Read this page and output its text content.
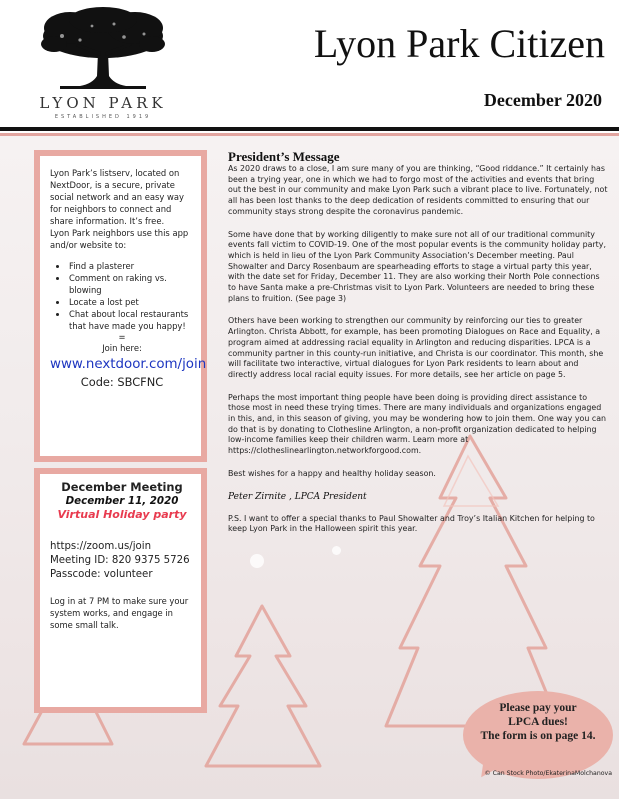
LYON PARK
ESTABLISHED 1919
Lyon Park Citizen
December 2020

Lyon Park’s listserv, located on NextDoor, is a secure, private social network and an easy way for neighbors to connect and share information. It’s free.

Lyon Park neighbors use this app and/or website to:

• Find a plasterer
• Comment on raking vs. blowing
• Locate a lost pet
• Chat about local restaurants that have made you happy!
=
Join here:
www.nextdoor.com/join
Code: SBCFNC
December Meeting
December 11, 2020
Virtual Holiday party
https://zoom.us/join
Meeting ID: 820 9375 5726
Passcode: volunteer
Log in at 7 PM to make sure your system works, and engage in some small talk.
President’s Message

As 2020 draws to a close, I am sure many of you are thinking, “Good riddance.” It certainly has been a trying year, one in which we had to forgo most of the activities and events that bring out the best in our community and make Lyon Park such a vibrant place to live. Fortunately, not all has been lost thanks to the deep dedication of residents committed to ensuring that our community stays strong despite the coronavirus pandemic.

Some have done that by working diligently to make sure not all of our traditional community events fall victim to COVID-19. One of the most popular events is the community holiday party, which is held in lieu of the Lyon Park Community Association’s December meeting. Paul Showalter and Darcy Rosenbaum are spearheading efforts to stage a virtual party this year, with the date set for Friday, December 11. They are also working their North Pole connections to have Santa make a pre-Christmas visit to Lyon Park. Volunteers are needed to bring these plans to fruition. (See page 3)

Others have been working to strengthen our community by reinforcing our ties to greater Arlington. Christa Abbott, for example, has been promoting Dialogues on Race and Equality, a program aimed at addressing racial equality in Arlington and reducing disparities. LPCA is a community partner in this county-run initiative, and Christa is our coordinator. This month, she will facilitate two interactive, virtual dialogues for Lyon Park residents to learn about and directly address local racial equity issues. For more details, see her article on page 5.

Perhaps the most important thing people have been doing is providing direct assistance to those most in need these trying times. There are many individuals and organizations engaged in this, and, in this season of giving, you may be wondering how to join them. One way you can do that is by donating to Clothesline Arlington, a non-profit organization dedicated to helping low-income families keep their children warm. Learn more at https://clotheslinearlington.networkforgood.com.

Best wishes for a happy and healthy holiday season.

Peter Zirnite , LPCA President

P.S. I want to offer a special thanks to Paul Showalter and Troy’s Italian Kitchen for helping to keep Lyon Park in the Halloween spirit this year.

Please pay your
LPCA dues!
The form is on page 14.
© Can Stock Photo/EkaterinaMolchanova
